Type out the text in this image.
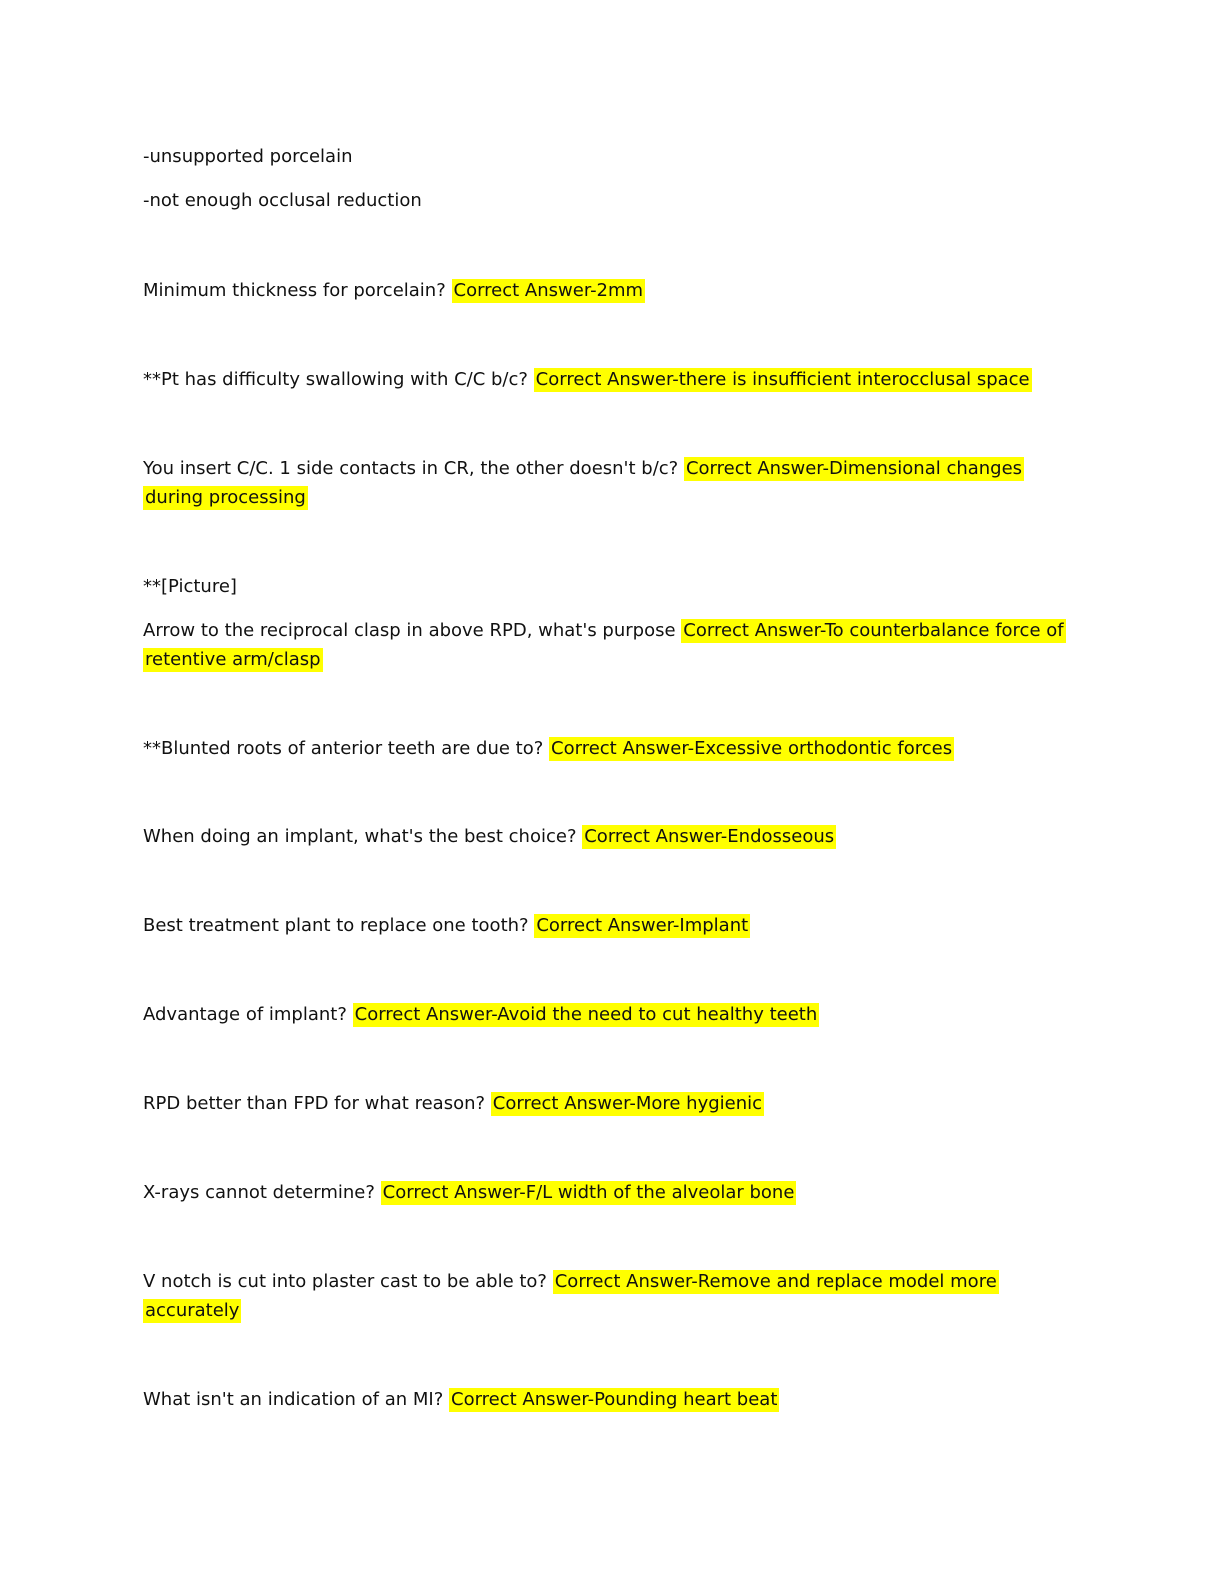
-unsupported porcelain
-not enough occlusal reduction
Minimum thickness for porcelain? Correct Answer-2mm
**Pt has difficulty swallowing with C/C b/c? Correct Answer-there is insufficient interocclusal space
You insert C/C. 1 side contacts in CR, the other doesn't b/c? Correct Answer-Dimensional changes during processing
**[Picture]
Arrow to the reciprocal clasp in above RPD, what's purpose Correct Answer-To counterbalance force of retentive arm/clasp
**Blunted roots of anterior teeth are due to? Correct Answer-Excessive orthodontic forces
When doing an implant, what's the best choice? Correct Answer-Endosseous
Best treatment plant to replace one tooth? Correct Answer-Implant
Advantage of implant? Correct Answer-Avoid the need to cut healthy teeth
RPD better than FPD for what reason? Correct Answer-More hygienic
X-rays cannot determine? Correct Answer-F/L width of the alveolar bone
V notch is cut into plaster cast to be able to? Correct Answer-Remove and replace model more accurately
What isn't an indication of an MI? Correct Answer-Pounding heart beat
